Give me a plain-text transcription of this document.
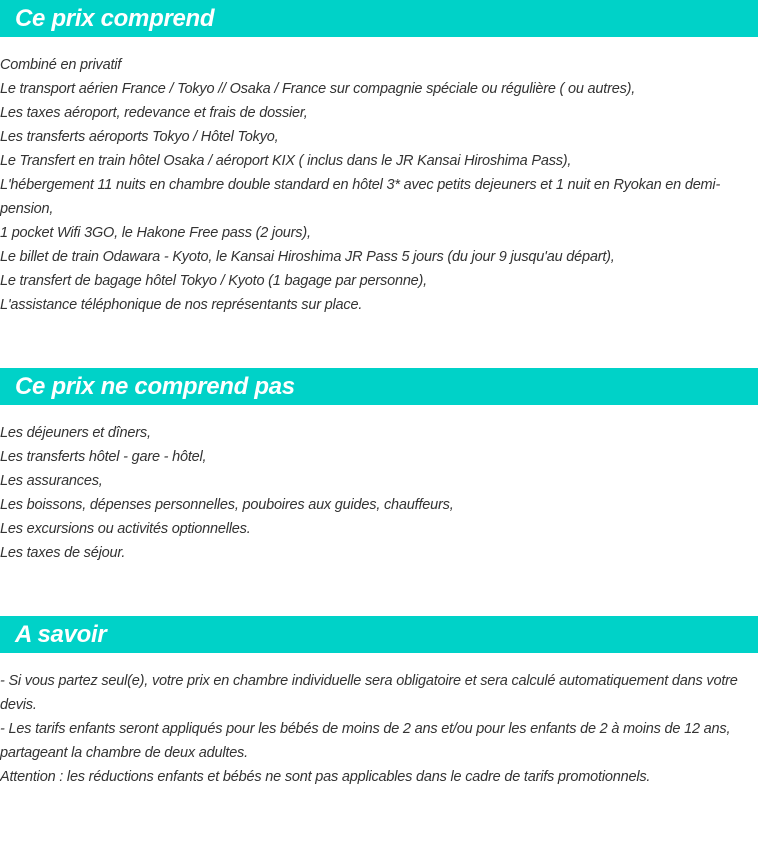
Ce prix comprend
Combiné en privatif
Le transport aérien France / Tokyo // Osaka / France sur compagnie spéciale ou régulière ( ou autres),
Les taxes aéroport, redevance et frais de dossier,
Les transferts aéroports Tokyo / Hôtel Tokyo,
Le Transfert en train hôtel Osaka / aéroport KIX ( inclus dans le JR Kansai Hiroshima Pass),
L'hébergement 11 nuits en chambre double standard en hôtel 3* avec petits dejeuners et 1 nuit en Ryokan en demi-pension,
1 pocket Wifi 3GO, le Hakone Free pass (2 jours),
Le billet de train Odawara - Kyoto, le Kansai Hiroshima JR Pass 5 jours (du jour 9 jusqu'au départ),
Le transfert de bagage hôtel Tokyo / Kyoto (1 bagage par personne),
L'assistance téléphonique de nos représentants sur place.
Ce prix ne comprend pas
Les déjeuners et dîners,
Les transferts hôtel - gare - hôtel,
Les assurances,
Les boissons, dépenses personnelles, pouboires aux guides, chauffeurs,
Les excursions ou activités optionnelles.
Les taxes de séjour.
A savoir
- Si vous partez seul(e), votre prix en chambre individuelle sera obligatoire et sera calculé automatiquement dans votre devis.
- Les tarifs enfants seront appliqués pour les bébés de moins de 2 ans et/ou pour les enfants de 2 à moins de 12 ans, partageant la chambre de deux adultes.
Attention : les réductions enfants et bébés ne sont pas applicables dans le cadre de tarifs promotionnels.
